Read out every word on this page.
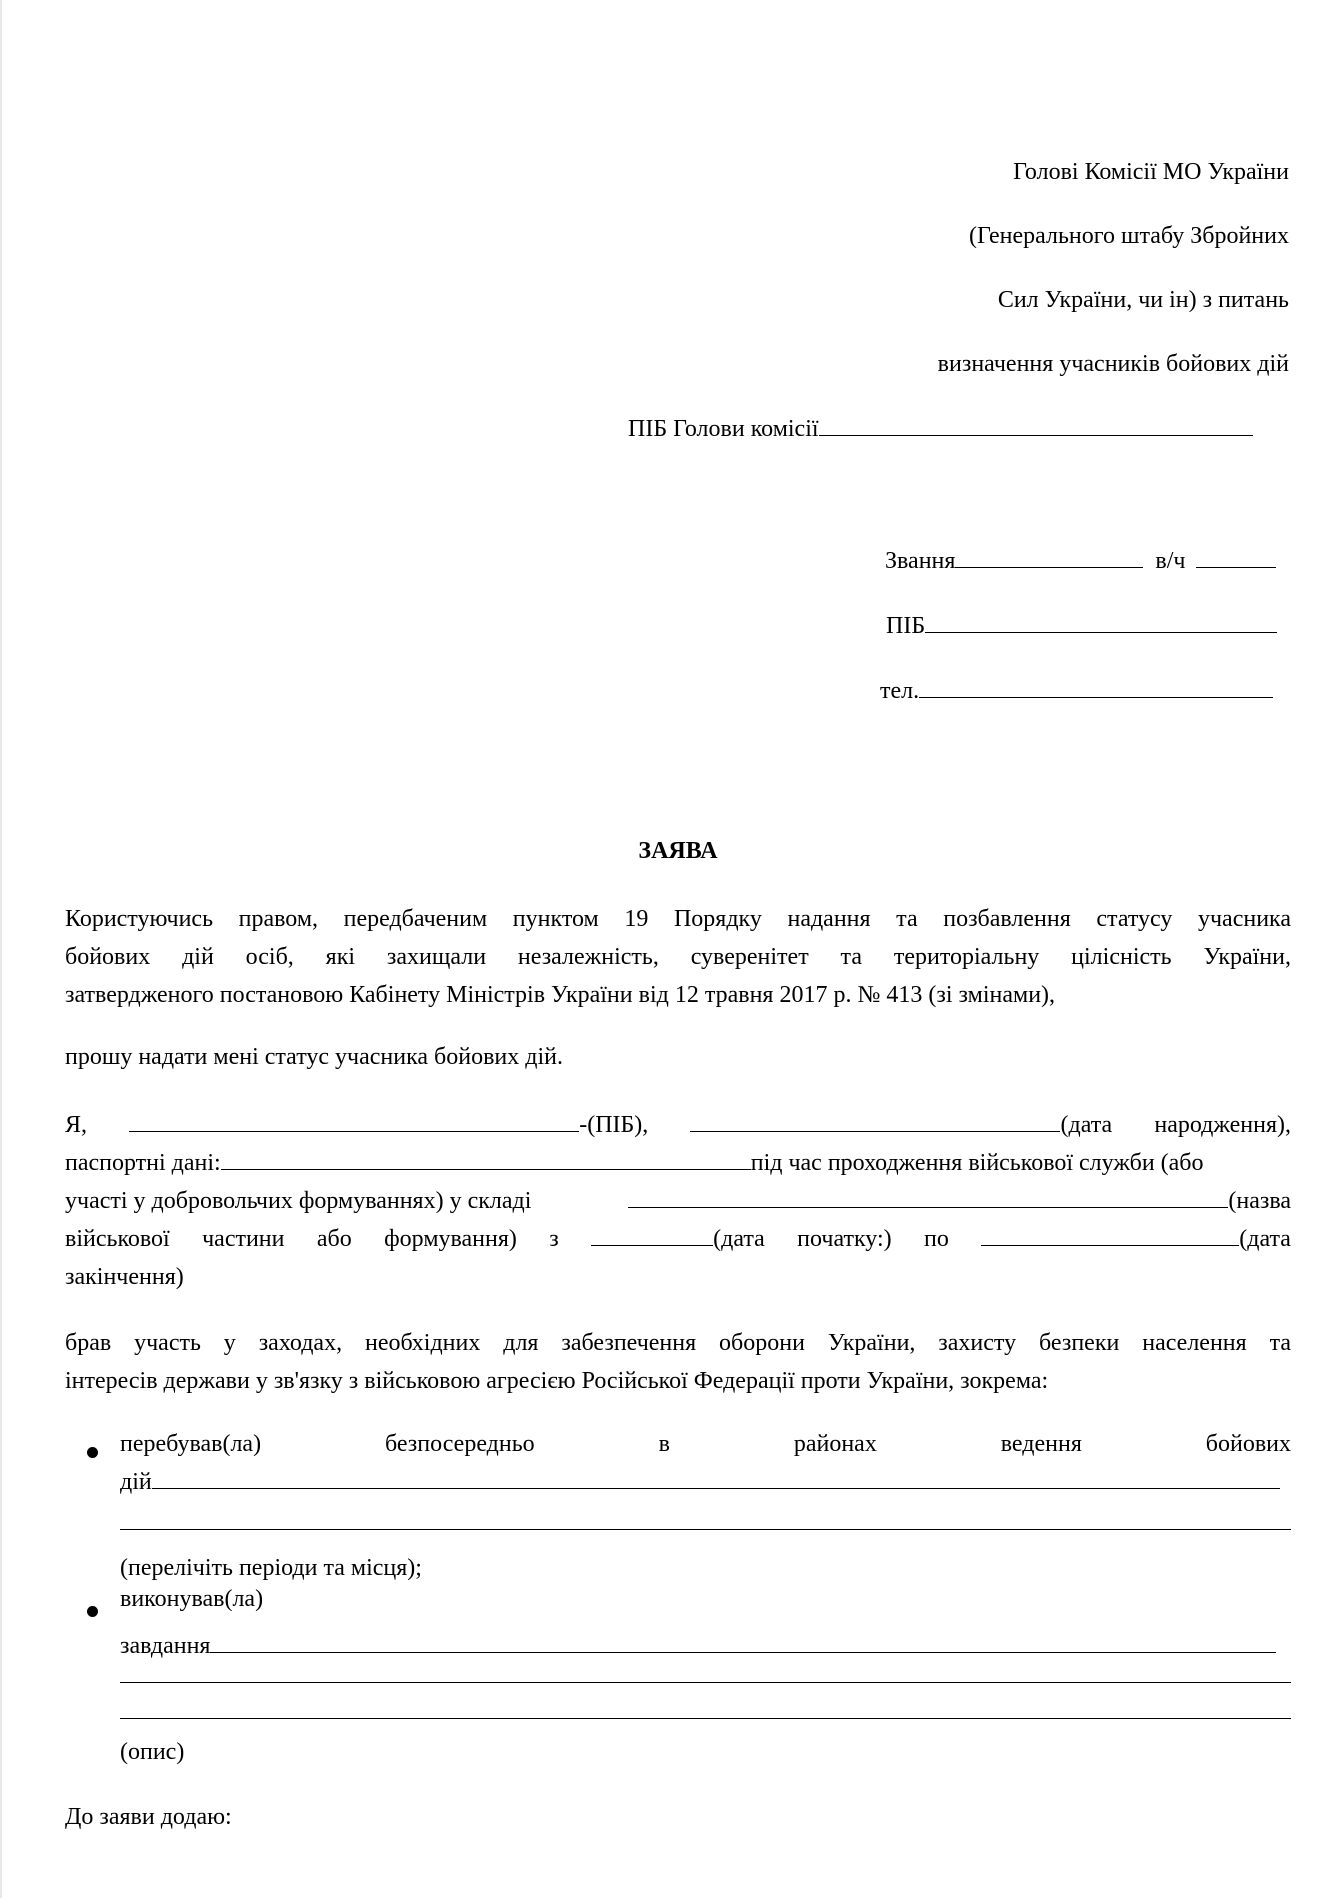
Голові Комісії МО України
(Генерального штабу Збройних
Сил України, чи ін) з питань
визначення учасників бойових дій
ПІБ Голови комісії
Звання	в/ч
ПІБ
тел.
ЗАЯВА
Користуючись правом, передбаченим пунктом 19 Порядку надання та позбавлення статусу учасника
бойових дій осіб, які захищали незалежність, суверенітет та територіальну цілісність України,
затвердженого постановою Кабінету Міністрів України від 12 травня 2017 р. № 413 (зі змінами),
прошу надати мені статус учасника бойових дій.
Я,	-(ПІБ),	(дата народження),
паспортні дані:	під час проходження військової служби (або
участі у добровольчих формуваннях) у складі	(назва
військової частини або формування) з	(дата початку:) по	(дата
закінчення)
брав участь у заходах, необхідних для забезпечення оборони України, захисту безпеки населення та
інтересів держави у зв'язку з військовою агресією Російської Федерації проти України, зокрема:
перебував(ла)	безпосередньо	в	районах	ведення	бойових
дій
(перелічіть періоди та місця);
виконував(ла)
завдання
(опис)
До заяви додаю:
